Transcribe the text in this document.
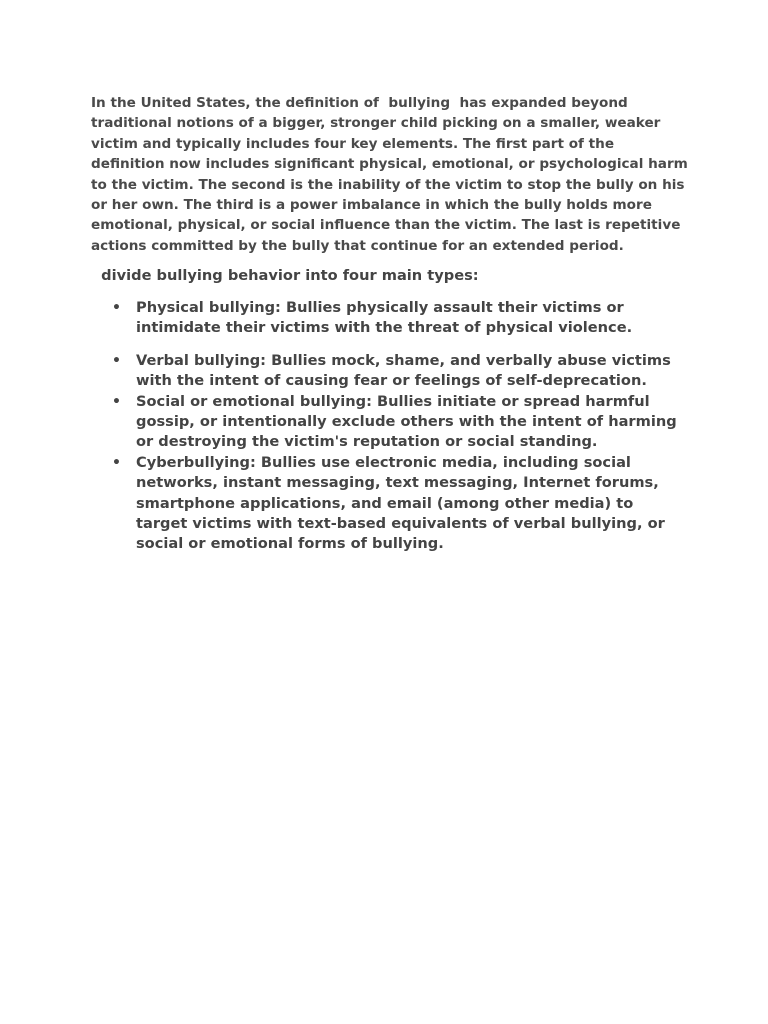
In the United States, the definition of  bullying  has expanded beyond traditional notions of a bigger, stronger child picking on a smaller, weaker victim and typically includes four key elements. The first part of the definition now includes significant physical, emotional, or psychological harm to the victim. The second is the inability of the victim to stop the bully on his or her own. The third is a power imbalance in which the bully holds more emotional, physical, or social influence than the victim. The last is repetitive actions committed by the bully that continue for an extended period.

divide bullying behavior into four main types:

• Physical bullying: Bullies physically assault their victims or intimidate their victims with the threat of physical violence.
• Verbal bullying: Bullies mock, shame, and verbally abuse victims with the intent of causing fear or feelings of self-deprecation.
• Social or emotional bullying: Bullies initiate or spread harmful gossip, or intentionally exclude others with the intent of harming or destroying the victim's reputation or social standing.
• Cyberbullying: Bullies use electronic media, including social networks, instant messaging, text messaging, Internet forums, smartphone applications, and email (among other media) to target victims with text-based equivalents of verbal bullying, or social or emotional forms of bullying.
